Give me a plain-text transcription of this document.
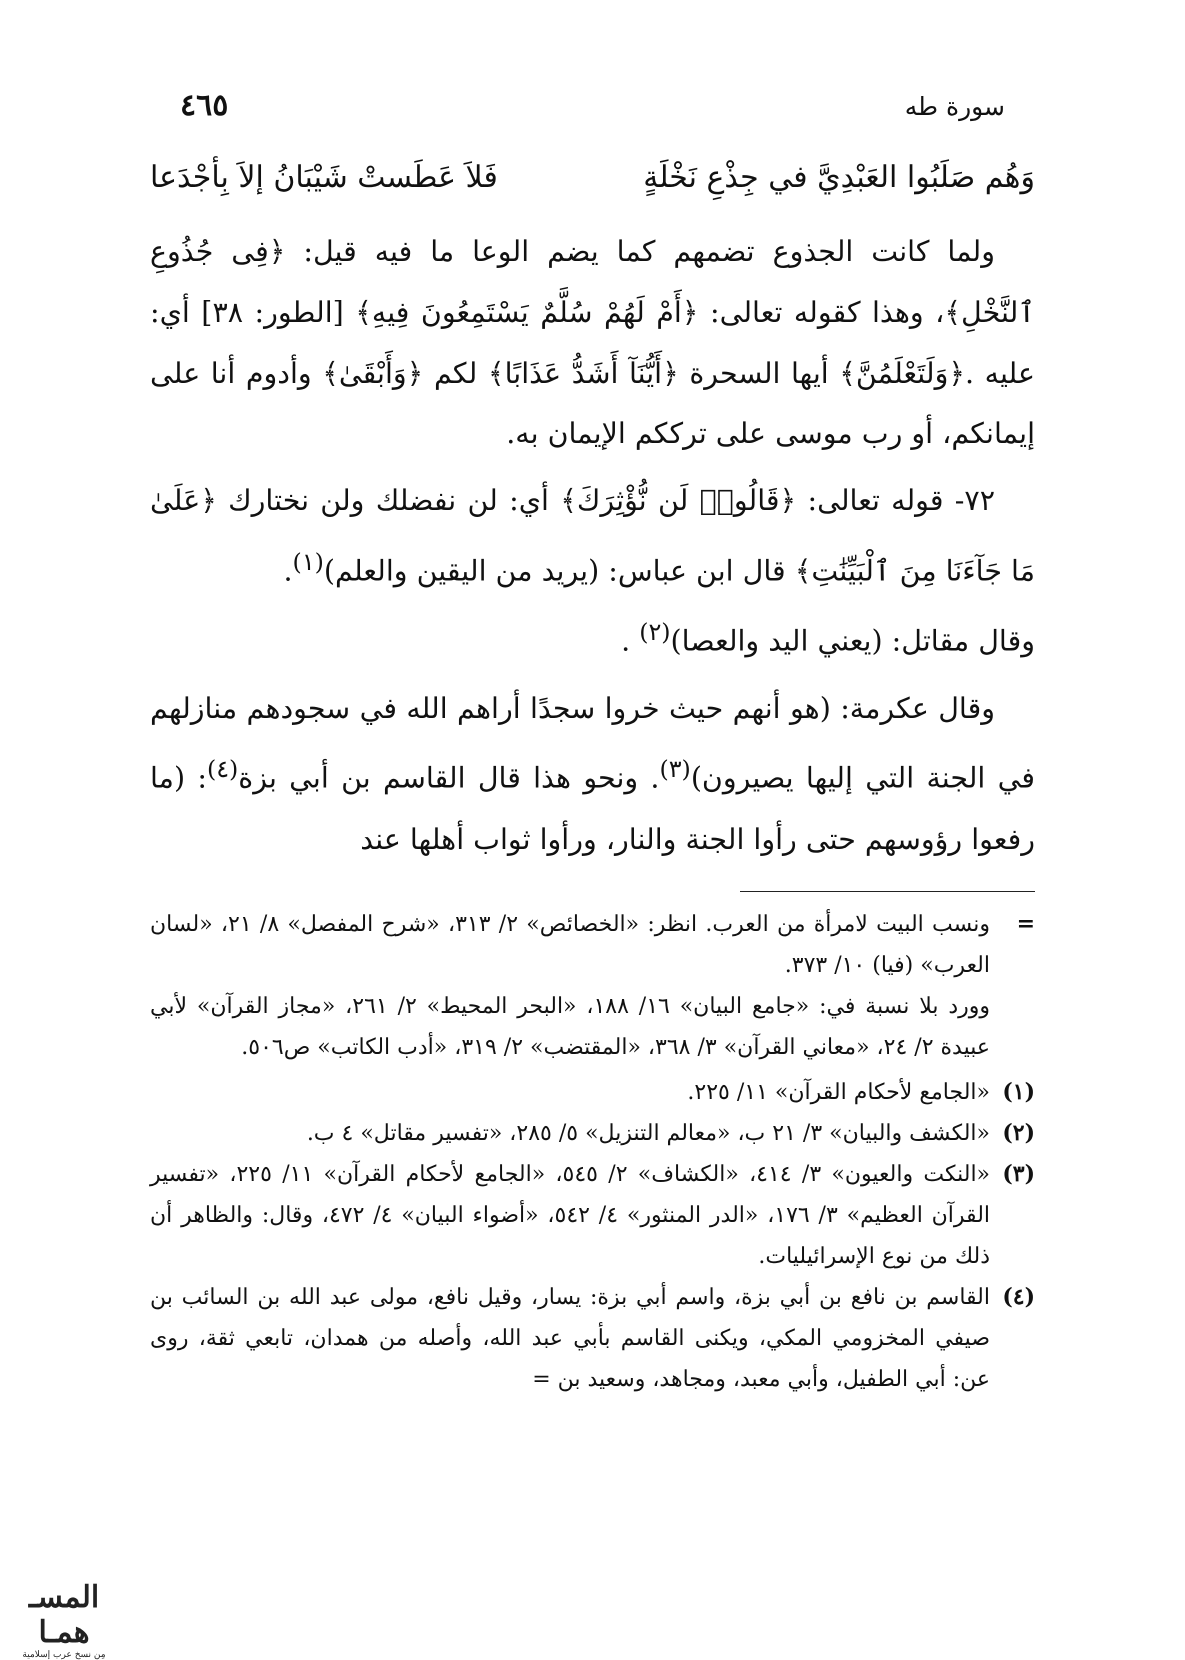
سورة طه
٤٦٥
وَهُم صَلَبُوا العَبْدِيَّ في جِذْعِ نَخْلَةٍ
فَلاَ عَطَستْ شَيْبَانُ إلاَ بِأجْدَعا

ولما كانت الجذوع تضمهم كما يضم الوعا ما فيه قيل: ﴿فِى جُذُوعِ ٱلنَّخْلِ﴾، وهذا كقوله تعالى: ﴿أَمْ لَهُمْ سُلَّمٌ يَسْتَمِعُونَ فِيهِ﴾ [الطور: ٣٨] أي: عليه .﴿وَلَتَعْلَمُنَّ﴾ أيها السحرة ﴿أَيُّنَآ أَشَدُّ عَذَابًا﴾ لكم ﴿وَأَبْقَىٰ﴾ وأدوم أنا على إيمانكم، أو رب موسى على ترككم الإيمان به.

٧٢- قوله تعالى: ﴿قَالُوا۟ لَن نُّؤْثِرَكَ﴾ أي: لن نفضلك ولن نختارك ﴿عَلَىٰ مَا جَآءَنَا مِنَ ٱلْبَيِّنَٰتِ﴾ قال ابن عباس: (يريد من اليقين والعلم)$^{(١)}$.

وقال مقاتل: (يعني اليد والعصا)$^{(٢)}$ .

وقال عكرمة: (هو أنهم حيث خروا سجدًا أراهم الله في سجودهم منازلهم في الجنة التي إليها يصيرون)$^{(٣)}$. ونحو هذا قال القاسم بن أبي بزة$^{(٤)}$: (ما رفعوا رؤوسهم حتى رأوا الجنة والنار، ورأوا ثواب أهلها عند

=
ونسب البيت لامرأة من العرب. انظر: «الخصائص» ٢/ ٣١٣، «شرح المفصل» ٨/ ٢١، «لسان العرب» (فيا) ١٠/ ٣٧٣.

وورد بلا نسبة في: «جامع البيان» ١٦/ ١٨٨، «البحر المحيط» ٢/ ٢٦١، «مجاز القرآن» لأبي عبيدة ٢/ ٢٤، «معاني القرآن» ٣/ ٣٦٨، «المقتضب» ٢/ ٣١٩، «أدب الكاتب» ص٥٠٦.

(١)
«الجامع لأحكام القرآن» ١١/ ٢٢٥.

(٢)
«الكشف والبيان» ٣/ ٢١ ب، «معالم التنزيل» ٥/ ٢٨٥، «تفسير مقاتل» ٤ ب.

(٣)
«النكت والعيون» ٣/ ٤١٤، «الكشاف» ٢/ ٥٤٥، «الجامع لأحكام القرآن» ١١/ ٢٢٥، «تفسير القرآن العظيم» ٣/ ١٧٦، «الدر المنثور» ٤/ ٥٤٢، «أضواء البيان» ٤/ ٤٧٢، وقال: والظاهر أن ذلك من نوع الإسرائيليات.

(٤)
القاسم بن نافع بن أبي بزة، واسم أبي بزة: يسار، وقيل نافع، مولى عبد الله بن السائب بن صيفي المخزومي المكي، ويكنى القاسم بأبي عبد الله، وأصله من همدان، تابعي ثقة، روى عن: أبي الطفيل، وأبي معبد، ومجاهد، وسعيد بن =

المسـ همـا
مِن نسخ عرب إسلامية
